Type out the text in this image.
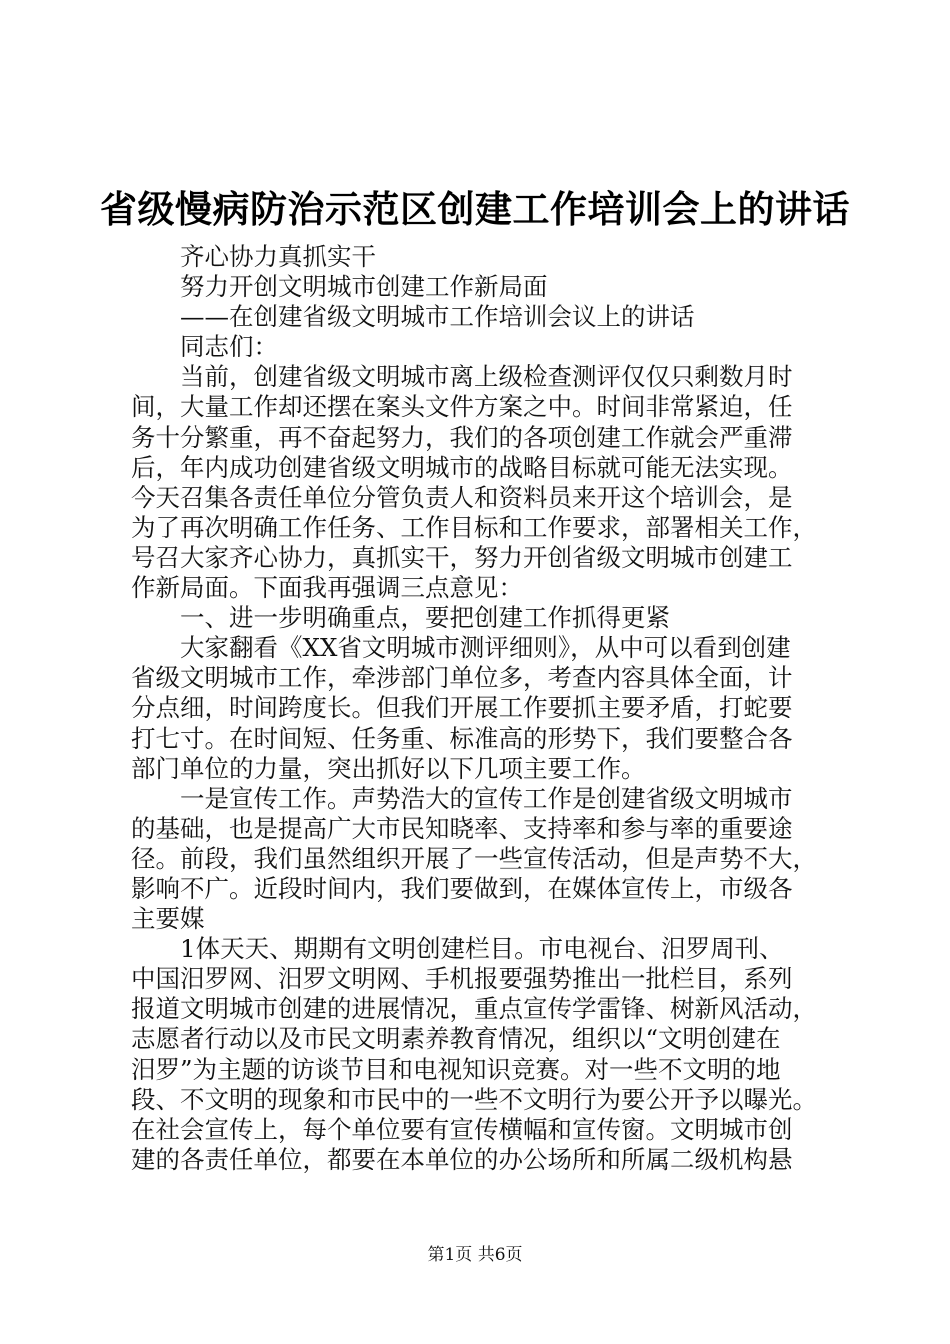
省级慢病防治示范区创建工作培训会上的讲话
齐心协力真抓实干
努力开创文明城市创建工作新局面
——在创建省级文明城市工作培训会议上的讲话
同志们：
当前，创建省级文明城市离上级检查测评仅仅只剩数月时
间，大量工作却还摆在案头文件方案之中。时间非常紧迫，任
务十分繁重，再不奋起努力，我们的各项创建工作就会严重滞
后，年内成功创建省级文明城市的战略目标就可能无法实现。
今天召集各责任单位分管负责人和资料员来开这个培训会，是
为了再次明确工作任务、工作目标和工作要求，部署相关工作，
号召大家齐心协力，真抓实干，努力开创省级文明城市创建工
作新局面。下面我再强调三点意见：
一、进一步明确重点，要把创建工作抓得更紧
大家翻看《XX省文明城市测评细则》，从中可以看到创建
省级文明城市工作，牵涉部门单位多，考查内容具体全面，计
分点细，时间跨度长。但我们开展工作要抓主要矛盾，打蛇要
打七寸。在时间短、任务重、标准高的形势下，我们要整合各
部门单位的力量，突出抓好以下几项主要工作。
一是宣传工作。声势浩大的宣传工作是创建省级文明城市
的基础，也是提高广大市民知晓率、支持率和参与率的重要途
径。前段，我们虽然组织开展了一些宣传活动，但是声势不大，
影响不广。近段时间内，我们要做到，在媒体宣传上，市级各
主要媒
1体天天、期期有文明创建栏目。市电视台、汨罗周刊、
中国汨罗网、汨罗文明网、手机报要强势推出一批栏目，系列
报道文明城市创建的进展情况，重点宣传学雷锋、树新风活动，
志愿者行动以及市民文明素养教育情况，组织以“文明创建在
汨罗”为主题的访谈节目和电视知识竞赛。对一些不文明的地
段、不文明的现象和市民中的一些不文明行为要公开予以曝光。
在社会宣传上，每个单位要有宣传横幅和宣传窗。文明城市创
建的各责任单位，都要在本单位的办公场所和所属二级机构悬
第1页 共6页
